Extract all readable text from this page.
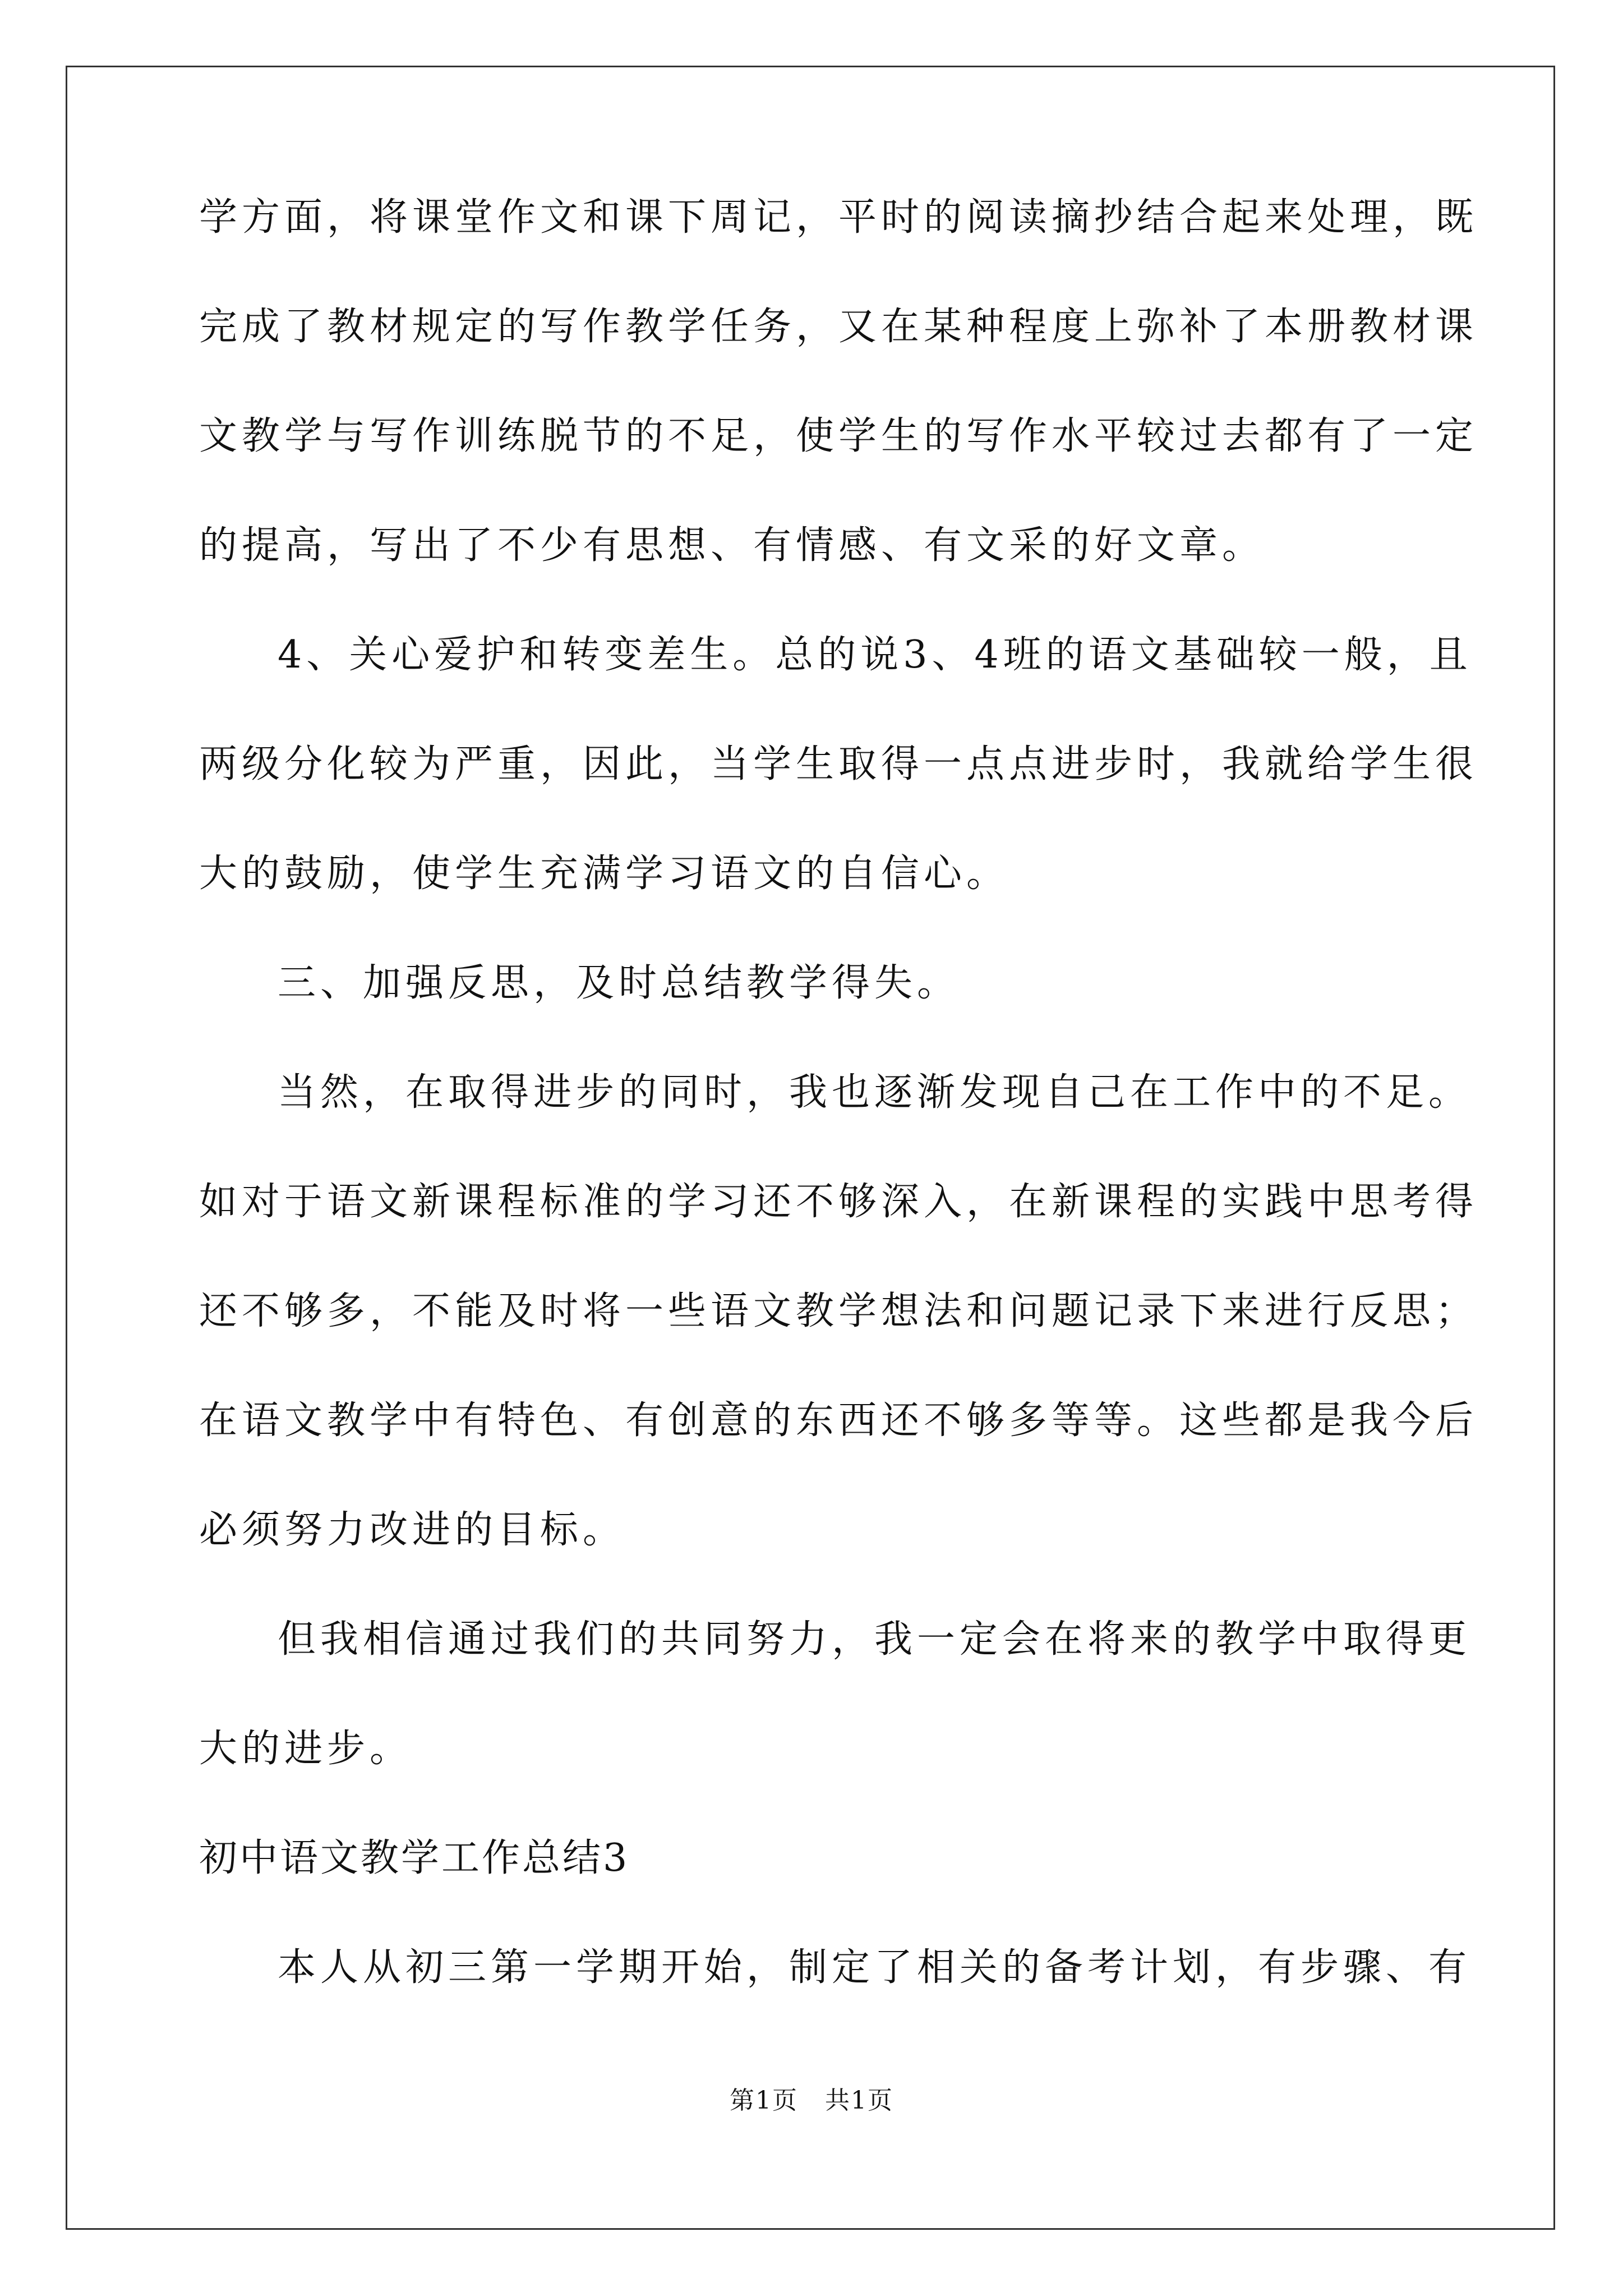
学方面，将课堂作文和课下周记，平时的阅读摘抄结合起来处理，既
完成了教材规定的写作教学任务，又在某种程度上弥补了本册教材课
文教学与写作训练脱节的不足，使学生的写作水平较过去都有了一定
的提高，写出了不少有思想、有情感、有文采的好文章。
4、关心爱护和转变差生。总的说3、4班的语文基础较一般，且
两级分化较为严重，因此，当学生取得一点点进步时，我就给学生很
大的鼓励，使学生充满学习语文的自信心。
三、加强反思，及时总结教学得失。
当然，在取得进步的同时，我也逐渐发现自己在工作中的不足。
如对于语文新课程标准的学习还不够深入，在新课程的实践中思考得
还不够多，不能及时将一些语文教学想法和问题记录下来进行反思；
在语文教学中有特色、有创意的东西还不够多等等。这些都是我今后
必须努力改进的目标。
但我相信通过我们的共同努力，我一定会在将来的教学中取得更
大的进步。
初中语文教学工作总结3
本人从初三第一学期开始，制定了相关的备考计划，有步骤、有
第1页   共1页
